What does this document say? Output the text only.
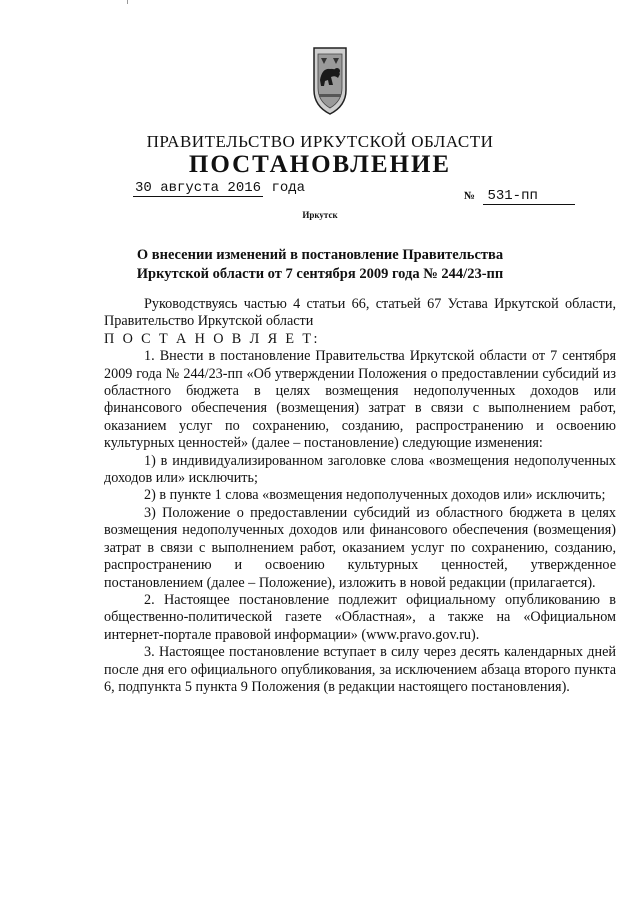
ПРАВИТЕЛЬСТВО ИРКУТСКОЙ ОБЛАСТИ
ПОСТАНОВЛЕНИЕ
30 августа 2016 года	№ 531-пп
Иркутск
О внесении изменений в постановление Правительства Иркутской области от 7 сентября 2009 года № 244/23-пп

Руководствуясь частью 4 статьи 66, статьей 67 Устава Иркутской области, Правительство Иркутской области

П О С Т А Н О В Л Я Е Т:

1. Внести в постановление Правительства Иркутской области от 7 сентября 2009 года № 244/23-пп «Об утверждении Положения о предоставлении субсидий из областного бюджета в целях возмещения недополученных доходов или финансового обеспечения (возмещения) затрат в связи с выполнением работ, оказанием услуг по сохранению, созданию, распространению и освоению культурных ценностей» (далее – постановление) следующие изменения:

1) в индивидуализированном заголовке слова «возмещения недополученных доходов или» исключить;

2) в пункте 1 слова «возмещения недополученных доходов или» исключить;

3) Положение о предоставлении субсидий из областного бюджета в целях возмещения недополученных доходов или финансового обеспечения (возмещения) затрат в связи с выполнением работ, оказанием услуг по сохранению, созданию, распространению и освоению культурных ценностей, утвержденное постановлением (далее – Положение), изложить в новой редакции (прилагается).

2. Настоящее постановление подлежит официальному опубликованию в общественно-политической газете «Областная», а также на «Официальном интернет-портале правовой информации» (www.pravo.gov.ru).

3. Настоящее постановление вступает в силу через десять календарных дней после дня его официального опубликования, за исключением абзаца второго пункта 6, подпункта 5 пункта 9 Положения (в редакции настоящего постановления).
